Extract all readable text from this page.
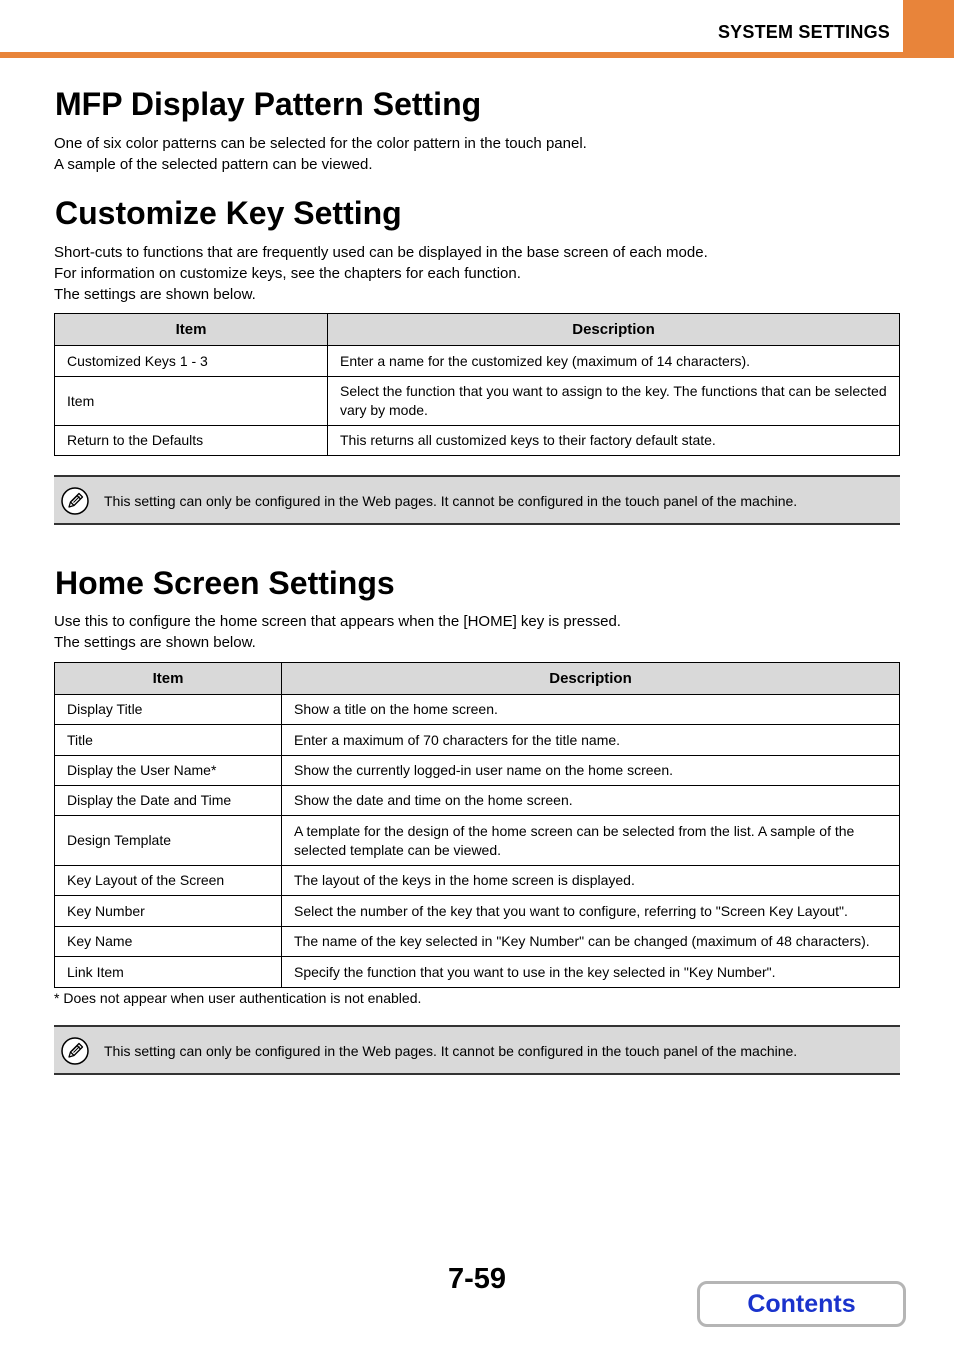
SYSTEM SETTINGS
MFP Display Pattern Setting
One of six color patterns can be selected for the color pattern in the touch panel.
A sample of the selected pattern can be viewed.
Customize Key Setting
Short-cuts to functions that are frequently used can be displayed in the base screen of each mode.
For information on customize keys, see the chapters for each function.
The settings are shown below.
Item	Description
Customized Keys 1 - 3	Enter a name for the customized key (maximum of 14 characters).
Item	Select the function that you want to assign to the key. The functions that can be selected vary by mode.
Return to the Defaults	This returns all customized keys to their factory default state.
This setting can only be configured in the Web pages. It cannot be configured in the touch panel of the machine.
Home Screen Settings
Use this to configure the home screen that appears when the [HOME] key is pressed.
The settings are shown below.
Item	Description
Display Title	Show a title on the home screen.
Title	Enter a maximum of 70 characters for the title name.
Display the User Name*	Show the currently logged-in user name on the home screen.
Display the Date and Time	Show the date and time on the home screen.
Design Template	A template for the design of the home screen can be selected from the list. A sample of the selected template can be viewed.
Key Layout of the Screen	The layout of the keys in the home screen is displayed.
Key Number	Select the number of the key that you want to configure, referring to "Screen Key Layout".
Key Name	The name of the key selected in "Key Number" can be changed (maximum of 48 characters).
Link Item	Specify the function that you want to use in the key selected in "Key Number".
* Does not appear when user authentication is not enabled.
This setting can only be configured in the Web pages. It cannot be configured in the touch panel of the machine.
7-59
Contents
